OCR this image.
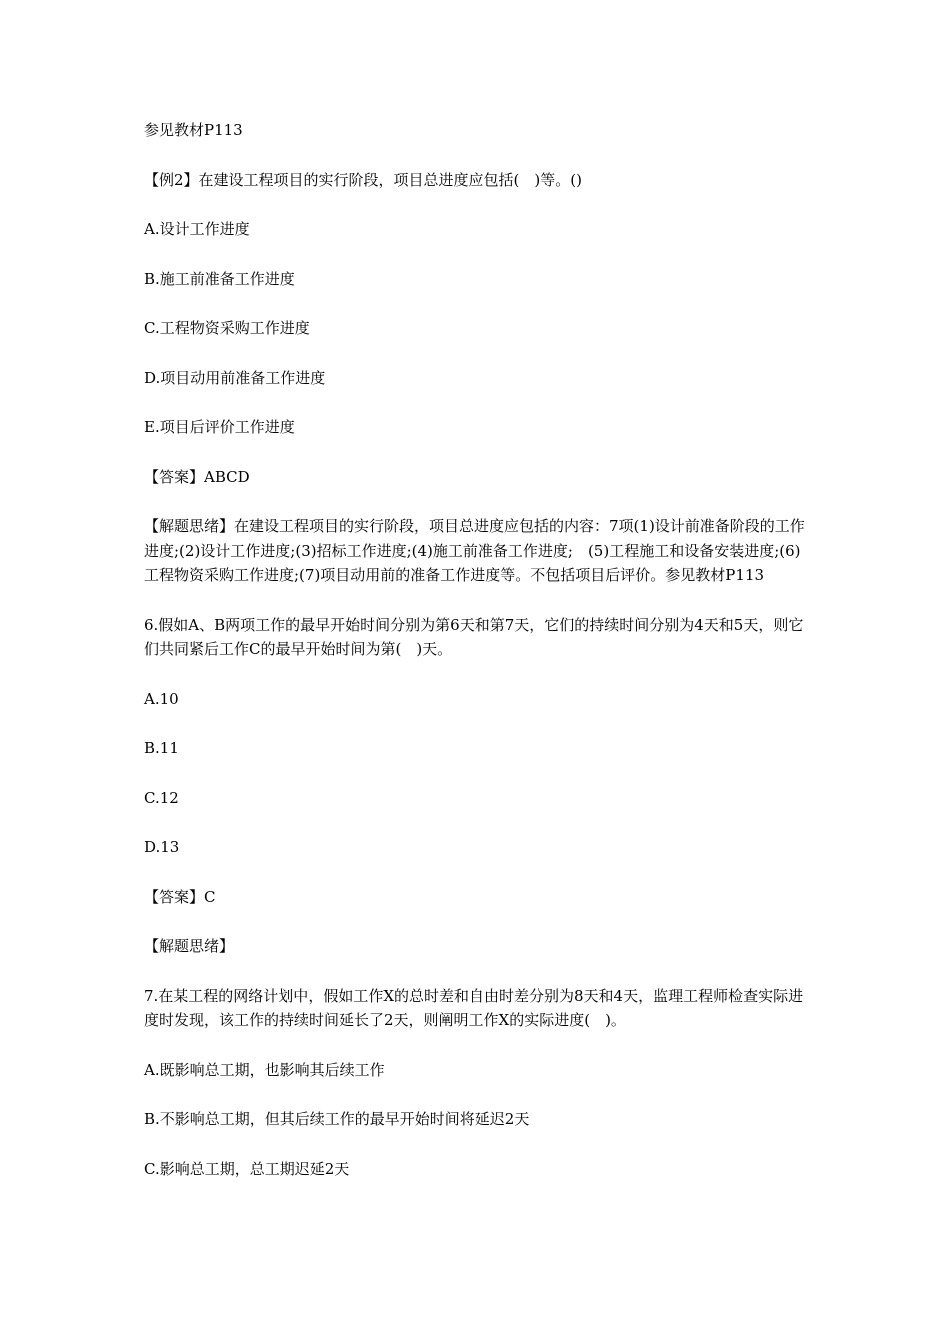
参见教材P113

【例2】在建设工程项目的实行阶段，项目总进度应包括(　)等。()

A.设计工作进度

B.施工前准备工作进度

C.工程物资采购工作进度

D.项目动用前准备工作进度

E.项目后评价工作进度

【答案】ABCD

【解题思绪】在建设工程项目的实行阶段，项目总进度应包括的内容：7项(1)设计前准备阶段的工作进度;(2)设计工作进度;(3)招标工作进度;(4)施工前准备工作进度;　(5)工程施工和设备安装进度;(6)工程物资采购工作进度;(7)项目动用前的准备工作进度等。不包括项目后评价。参见教材P113

6.假如A、B两项工作的最早开始时间分别为第6天和第7天，它们的持续时间分别为4天和5天，则它们共同紧后工作C的最早开始时间为第(　)天。

A.10

B.11

C.12

D.13

【答案】C

【解题思绪】

7.在某工程的网络计划中，假如工作X的总时差和自由时差分别为8天和4天，监理工程师检查实际进度时发现，该工作的持续时间延长了2天，则阐明工作X的实际进度(　)。

A.既影响总工期，也影响其后续工作

B.不影响总工期，但其后续工作的最早开始时间将延迟2天

C.影响总工期，总工期迟延2天
